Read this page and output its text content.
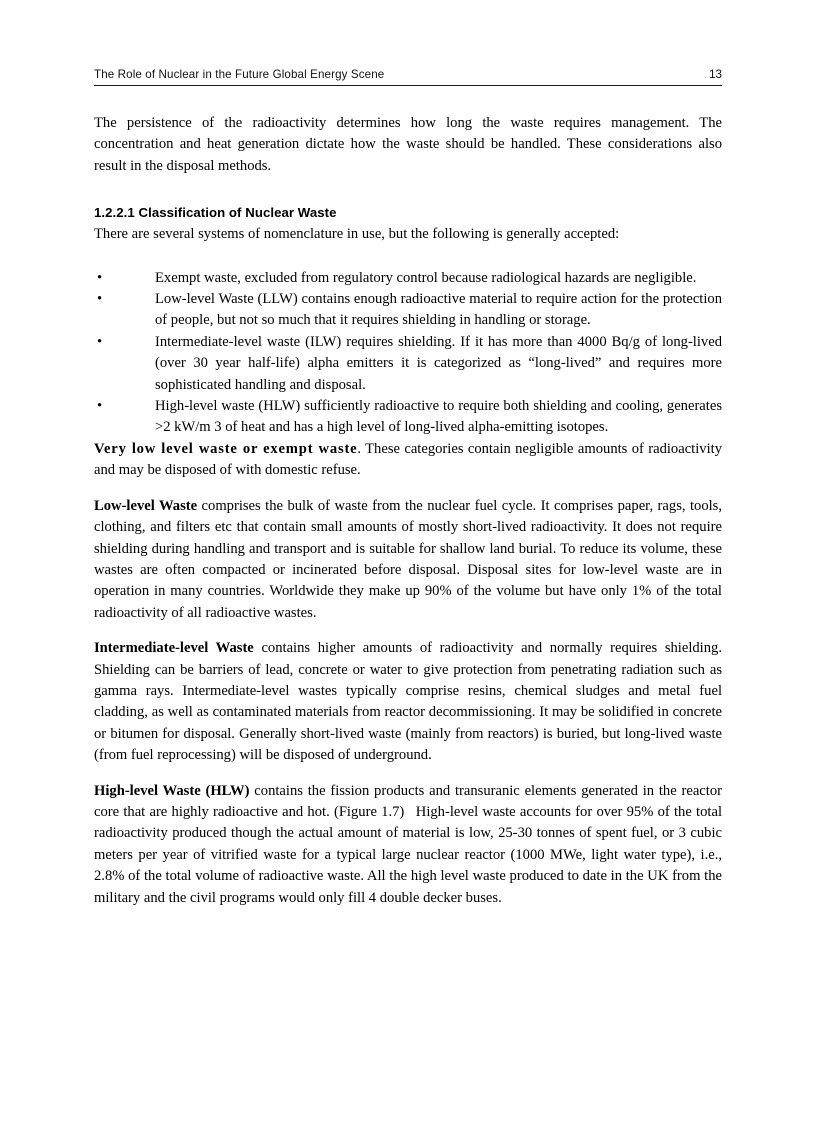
The Role of Nuclear in the Future Global Energy Scene	13

The persistence of the radioactivity determines how long the waste requires management. The concentration and heat generation dictate how the waste should be handled. These considerations also result in the disposal methods.

1.2.2.1 Classification of Nuclear Waste

There are several systems of nomenclature in use, but the following is generally accepted:

•	Exempt waste, excluded from regulatory control because radiological hazards are negligible.
•	Low-level Waste (LLW) contains enough radioactive material to require action for the protection of people, but not so much that it requires shielding in handling or storage.
•	Intermediate-level waste (ILW) requires shielding. If it has more than 4000 Bq/g of long-lived (over 30 year half-life) alpha emitters it is categorized as “long-lived” and requires more sophisticated handling and disposal.
•	High-level waste (HLW) sufficiently radioactive to require both shielding and cooling, generates >2 kW/m 3 of heat and has a high level of long-lived alpha-emitting isotopes.

Very low level waste or exempt waste. These categories contain negligible amounts of radioactivity and may be disposed of with domestic refuse.

Low-level Waste comprises the bulk of waste from the nuclear fuel cycle. It comprises paper, rags, tools, clothing, and filters etc that contain small amounts of mostly short-lived radioactivity. It does not require shielding during handling and transport and is suitable for shallow land burial. To reduce its volume, these wastes are often compacted or incinerated before disposal. Disposal sites for low-level waste are in operation in many countries. Worldwide they make up 90% of the volume but have only 1% of the total radioactivity of all radioactive wastes.

Intermediate-level Waste contains higher amounts of radioactivity and normally requires shielding. Shielding can be barriers of lead, concrete or water to give protection from penetrating radiation such as gamma rays. Intermediate-level wastes typically comprise resins, chemical sludges and metal fuel cladding, as well as contaminated materials from reactor decommissioning. It may be solidified in concrete or bitumen for disposal. Generally short-lived waste (mainly from reactors) is buried, but long-lived waste (from fuel reprocessing) will be disposed of underground.

High-level Waste (HLW) contains the fission products and transuranic elements generated in the reactor core that are highly radioactive and hot. (Figure 1.7)  High-level waste accounts for over 95% of the total radioactivity produced though the actual amount of material is low, 25-30 tonnes of spent fuel, or 3 cubic meters per year of vitrified waste for a typical large nuclear reactor (1000 MWe, light water type), i.e., 2.8% of the total volume of radioactive waste. All the high level waste produced to date in the UK from the military and the civil programs would only fill 4 double decker buses.
